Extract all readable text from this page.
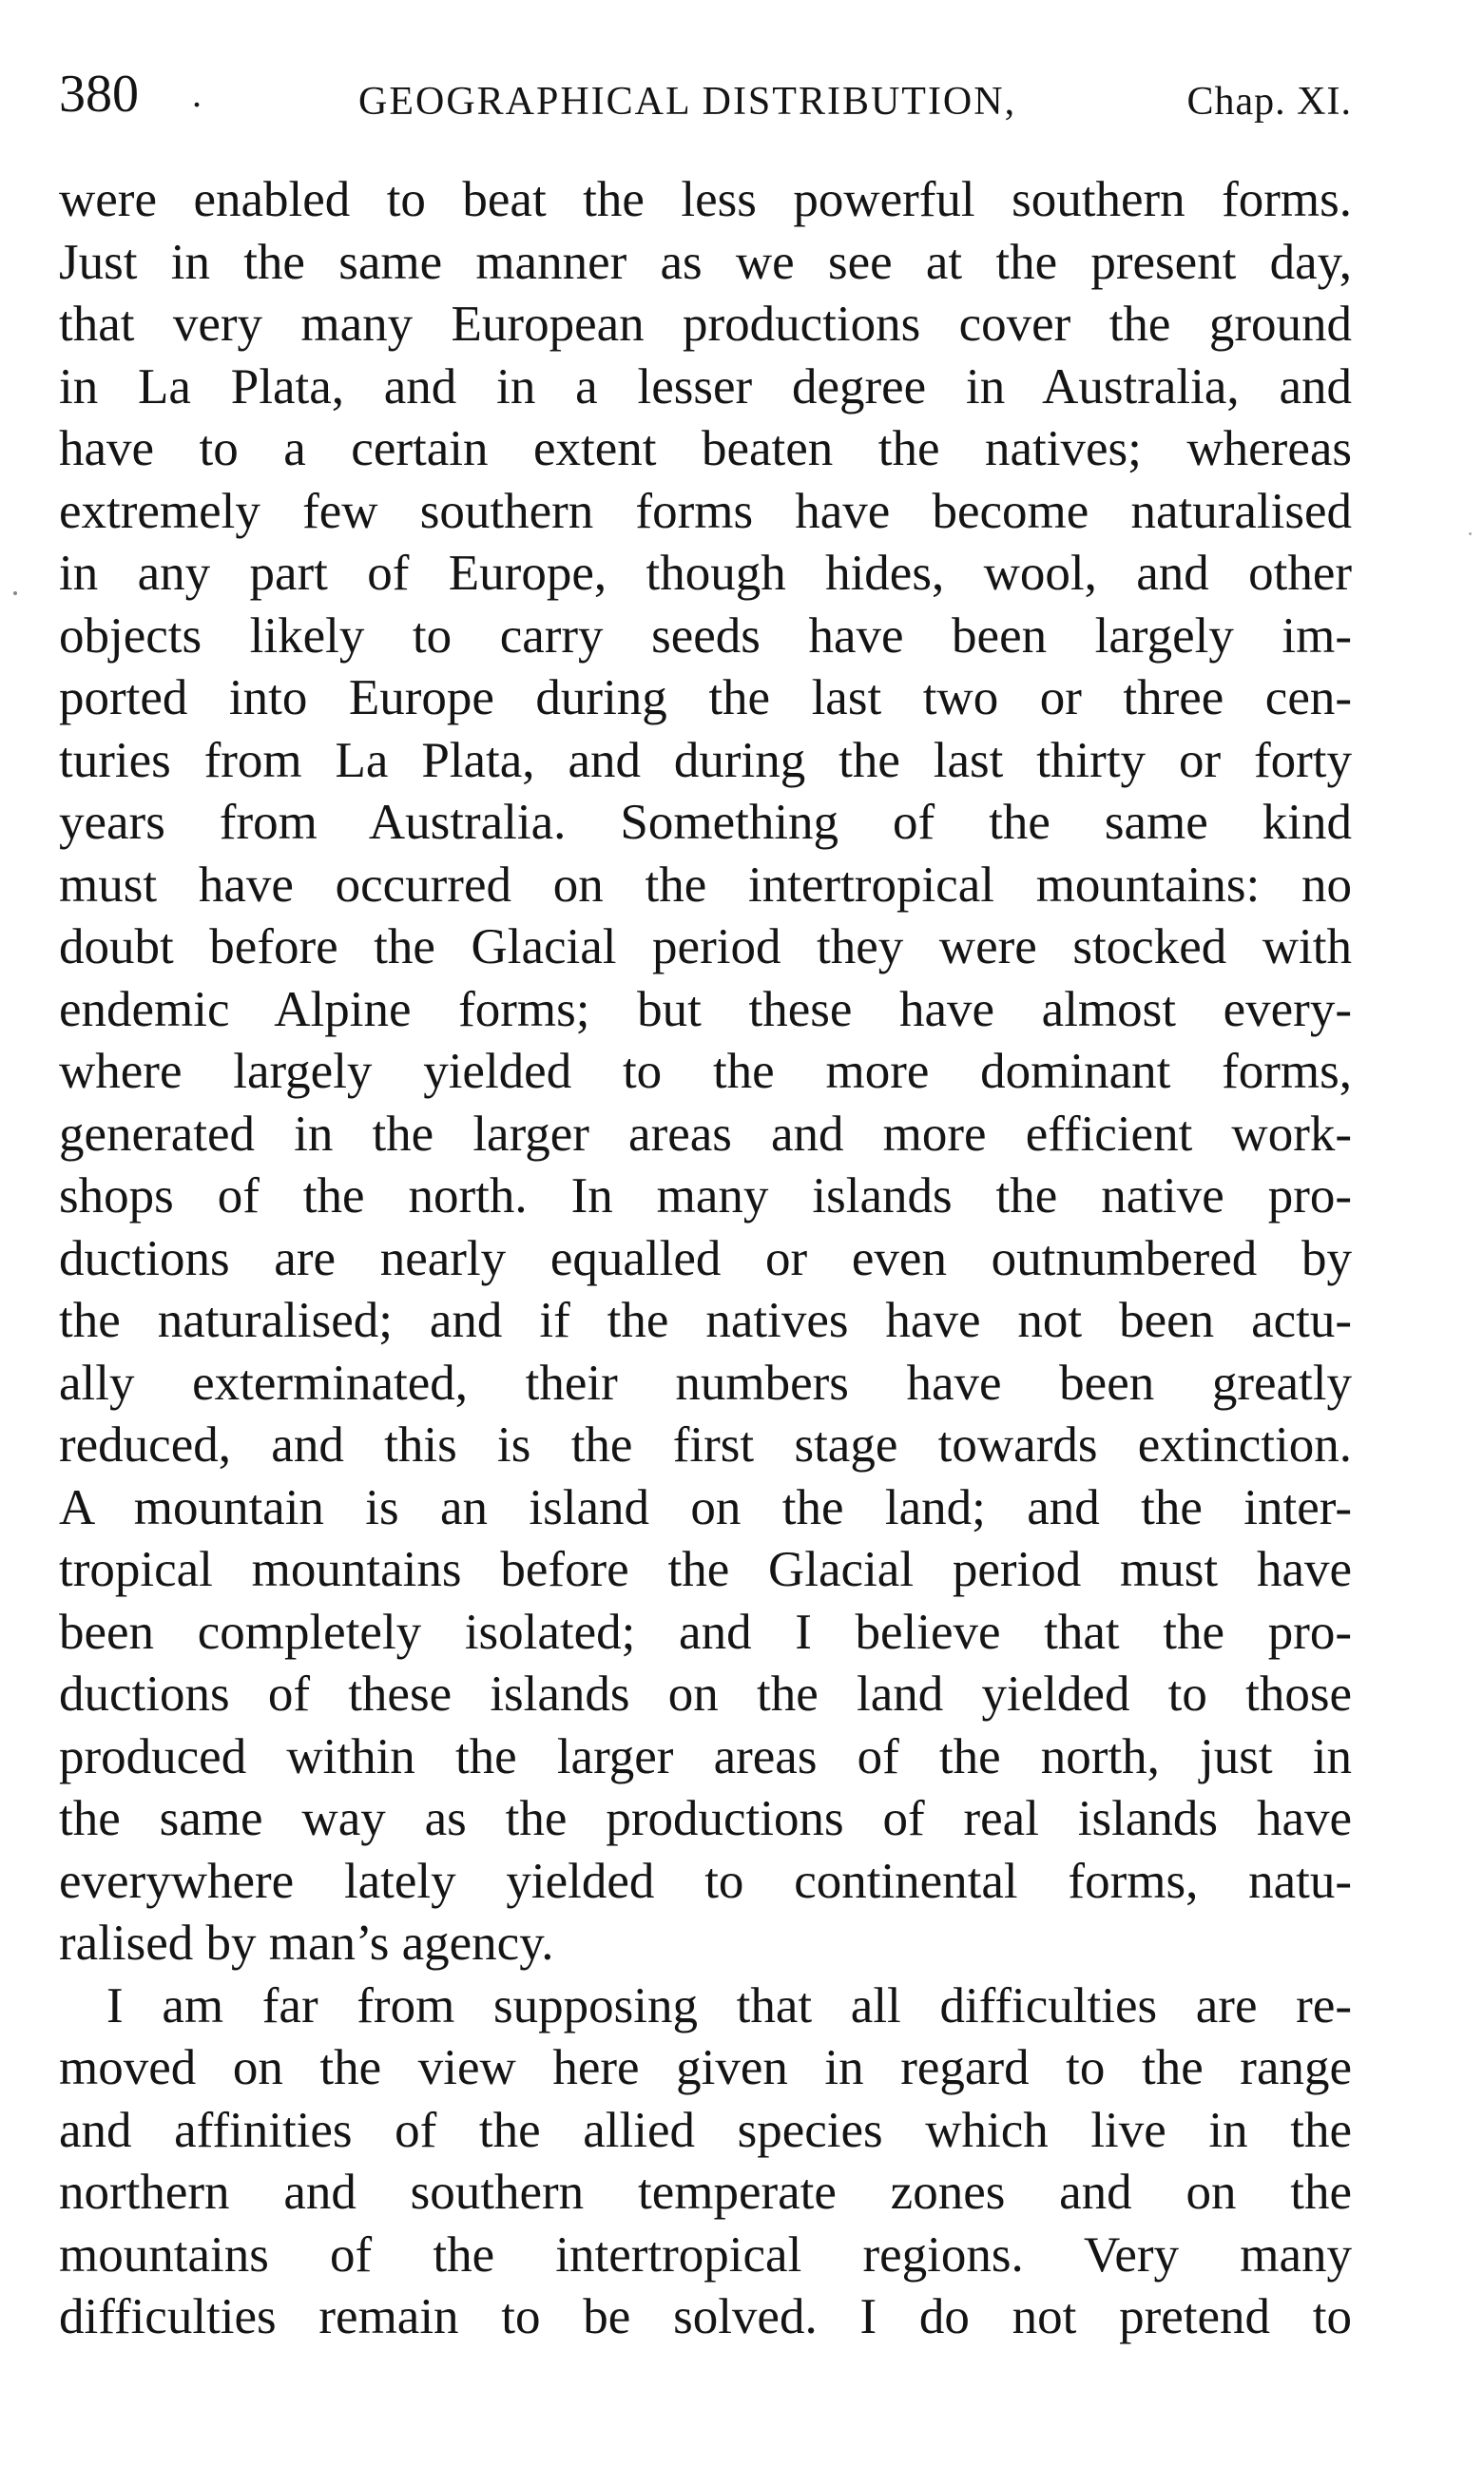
380 .	GEOGRAPHICAL DISTRIBUTION,	Chap. XI.
were enabled to beat the less powerful southern forms.
Just in the same manner as we see at the present day,
that very many European productions cover the ground
in La Plata, and in a lesser degree in Australia, and
have to a certain extent beaten the natives; whereas
extremely few southern forms have become naturalised
in any part of Europe, though hides, wool, and other
objects likely to carry seeds have been largely im-
ported into Europe during the last two or three cen-
turies from La Plata, and during the last thirty or forty
years from Australia. Something of the same kind
must have occurred on the intertropical mountains: no
doubt before the Glacial period they were stocked with
endemic Alpine forms; but these have almost every-
where largely yielded to the more dominant forms,
generated in the larger areas and more efficient work-
shops of the north. In many islands the native pro-
ductions are nearly equalled or even outnumbered by
the naturalised; and if the natives have not been actu-
ally exterminated, their numbers have been greatly
reduced, and this is the first stage towards extinction.
A mountain is an island on the land; and the inter-
tropical mountains before the Glacial period must have
been completely isolated; and I believe that the pro-
ductions of these islands on the land yielded to those
produced within the larger areas of the north, just in
the same way as the productions of real islands have
everywhere lately yielded to continental forms, natu-
ralised by man’s agency.
I am far from supposing that all difficulties are re-
moved on the view here given in regard to the range
and affinities of the allied species which live in the
northern and southern temperate zones and on the
mountains of the intertropical regions. Very many
difficulties remain to be solved. I do not pretend to
